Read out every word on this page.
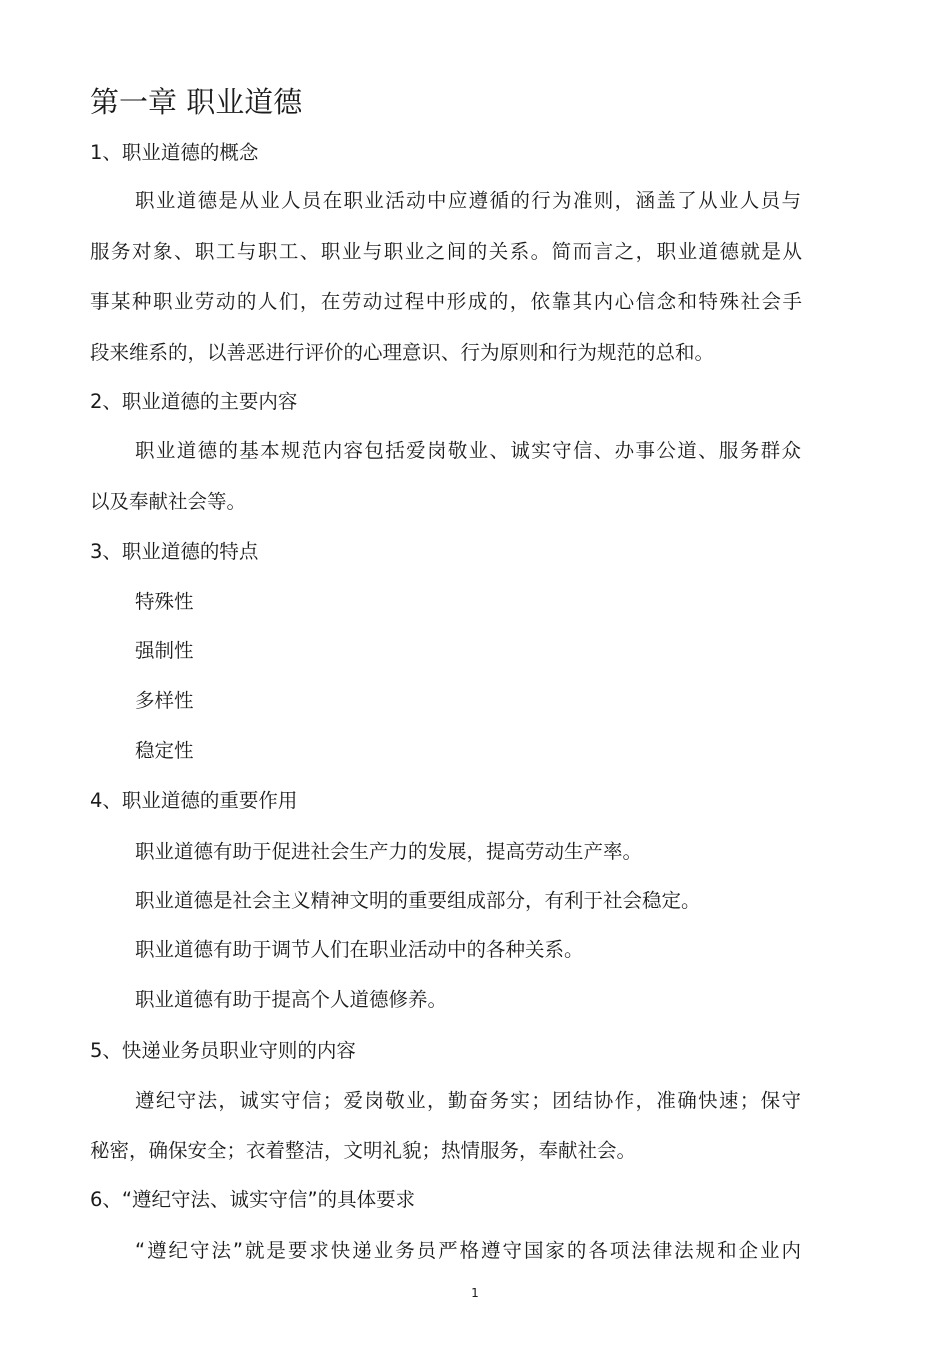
第一章 职业道德
1、职业道德的概念
职业道德是从业人员在职业活动中应遵循的行为准则，涵盖了从业人员与
服务对象、职工与职工、职业与职业之间的关系。简而言之，职业道德就是从
事某种职业劳动的人们，在劳动过程中形成的，依靠其内心信念和特殊社会手
段来维系的，以善恶进行评价的心理意识、行为原则和行为规范的总和。
2、职业道德的主要内容
职业道德的基本规范内容包括爱岗敬业、诚实守信、办事公道、服务群众
以及奉献社会等。
3、职业道德的特点
特殊性
强制性
多样性
稳定性
4、职业道德的重要作用
职业道德有助于促进社会生产力的发展，提高劳动生产率。
职业道德是社会主义精神文明的重要组成部分，有利于社会稳定。
职业道德有助于调节人们在职业活动中的各种关系。
职业道德有助于提高个人道德修养。
5、快递业务员职业守则的内容
遵纪守法，诚实守信；爱岗敬业，勤奋务实；团结协作，准确快速；保守
秘密，确保安全；衣着整洁，文明礼貌；热情服务，奉献社会。
6、“遵纪守法、诚实守信”的具体要求
“遵纪守法”就是要求快递业务员严格遵守国家的各项法律法规和企业内
1
